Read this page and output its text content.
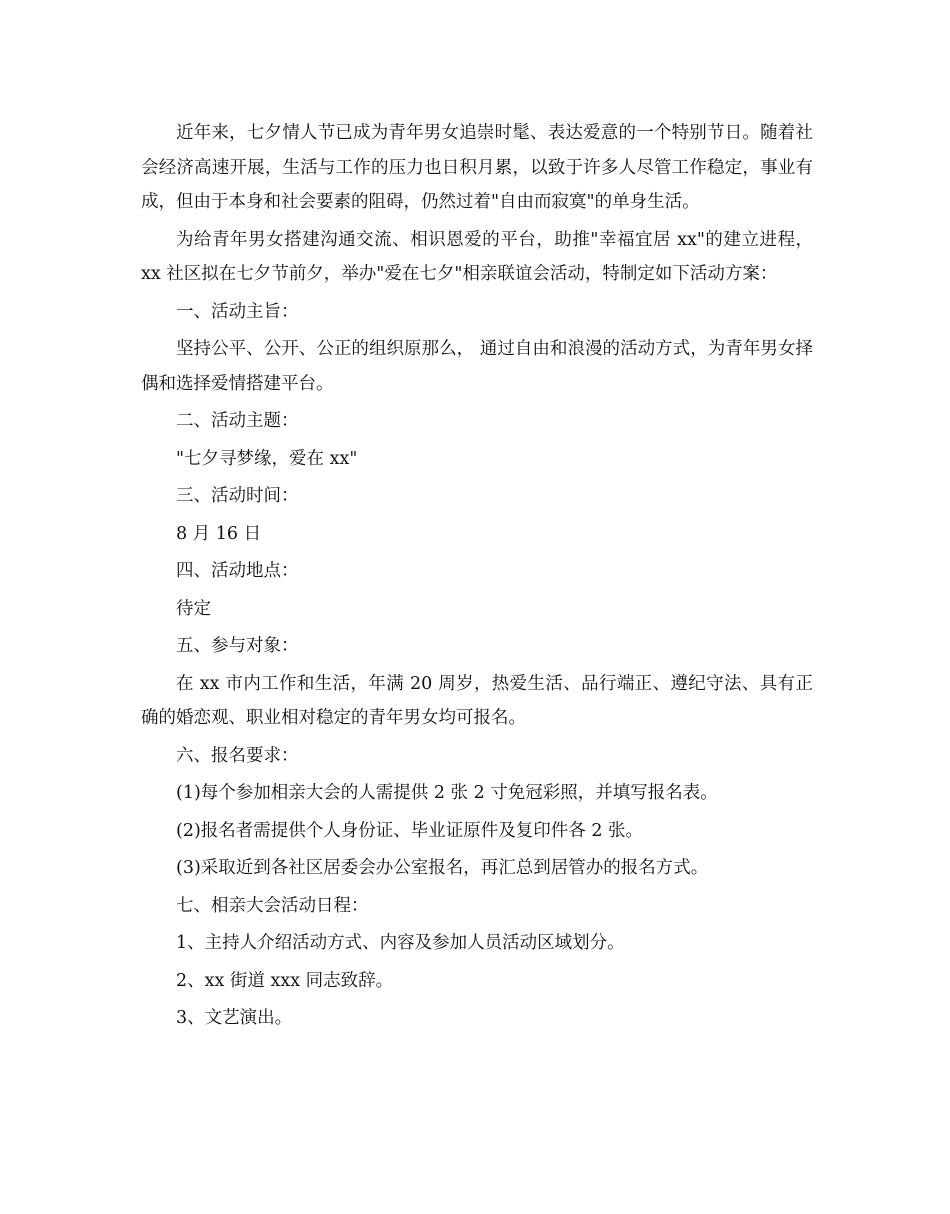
近年来，七夕情人节已成为青年男女追崇时髦、表达爱意的一个特别节日。随着社会经济高速开展，生活与工作的压力也日积月累，以致于许多人尽管工作稳定，事业有成，但由于本身和社会要素的阻碍，仍然过着"自由而寂寞"的单身生活。

为给青年男女搭建沟通交流、相识恩爱的平台，助推"幸福宜居 xx"的建立进程，xx 社区拟在七夕节前夕，举办"爱在七夕"相亲联谊会活动，特制定如下活动方案：

一、活动主旨：

坚持公平、公开、公正的组织原那么， 通过自由和浪漫的活动方式，为青年男女择偶和选择爱情搭建平台。

二、活动主题：

"七夕寻梦缘，爱在 xx"

三、活动时间：

8 月 16 日

四、活动地点：

待定

五、参与对象：

在 xx 市内工作和生活，年满 20 周岁，热爱生活、品行端正、遵纪守法、具有正确的婚恋观、职业相对稳定的青年男女均可报名。

六、报名要求：

(1)每个参加相亲大会的人需提供 2 张 2 寸免冠彩照，并填写报名表。

(2)报名者需提供个人身份证、毕业证原件及复印件各 2 张。

(3)采取近到各社区居委会办公室报名，再汇总到居管办的报名方式。

七、相亲大会活动日程：

1、主持人介绍活动方式、内容及参加人员活动区域划分。

2、xx 街道 xxx 同志致辞。

3、文艺演出。
